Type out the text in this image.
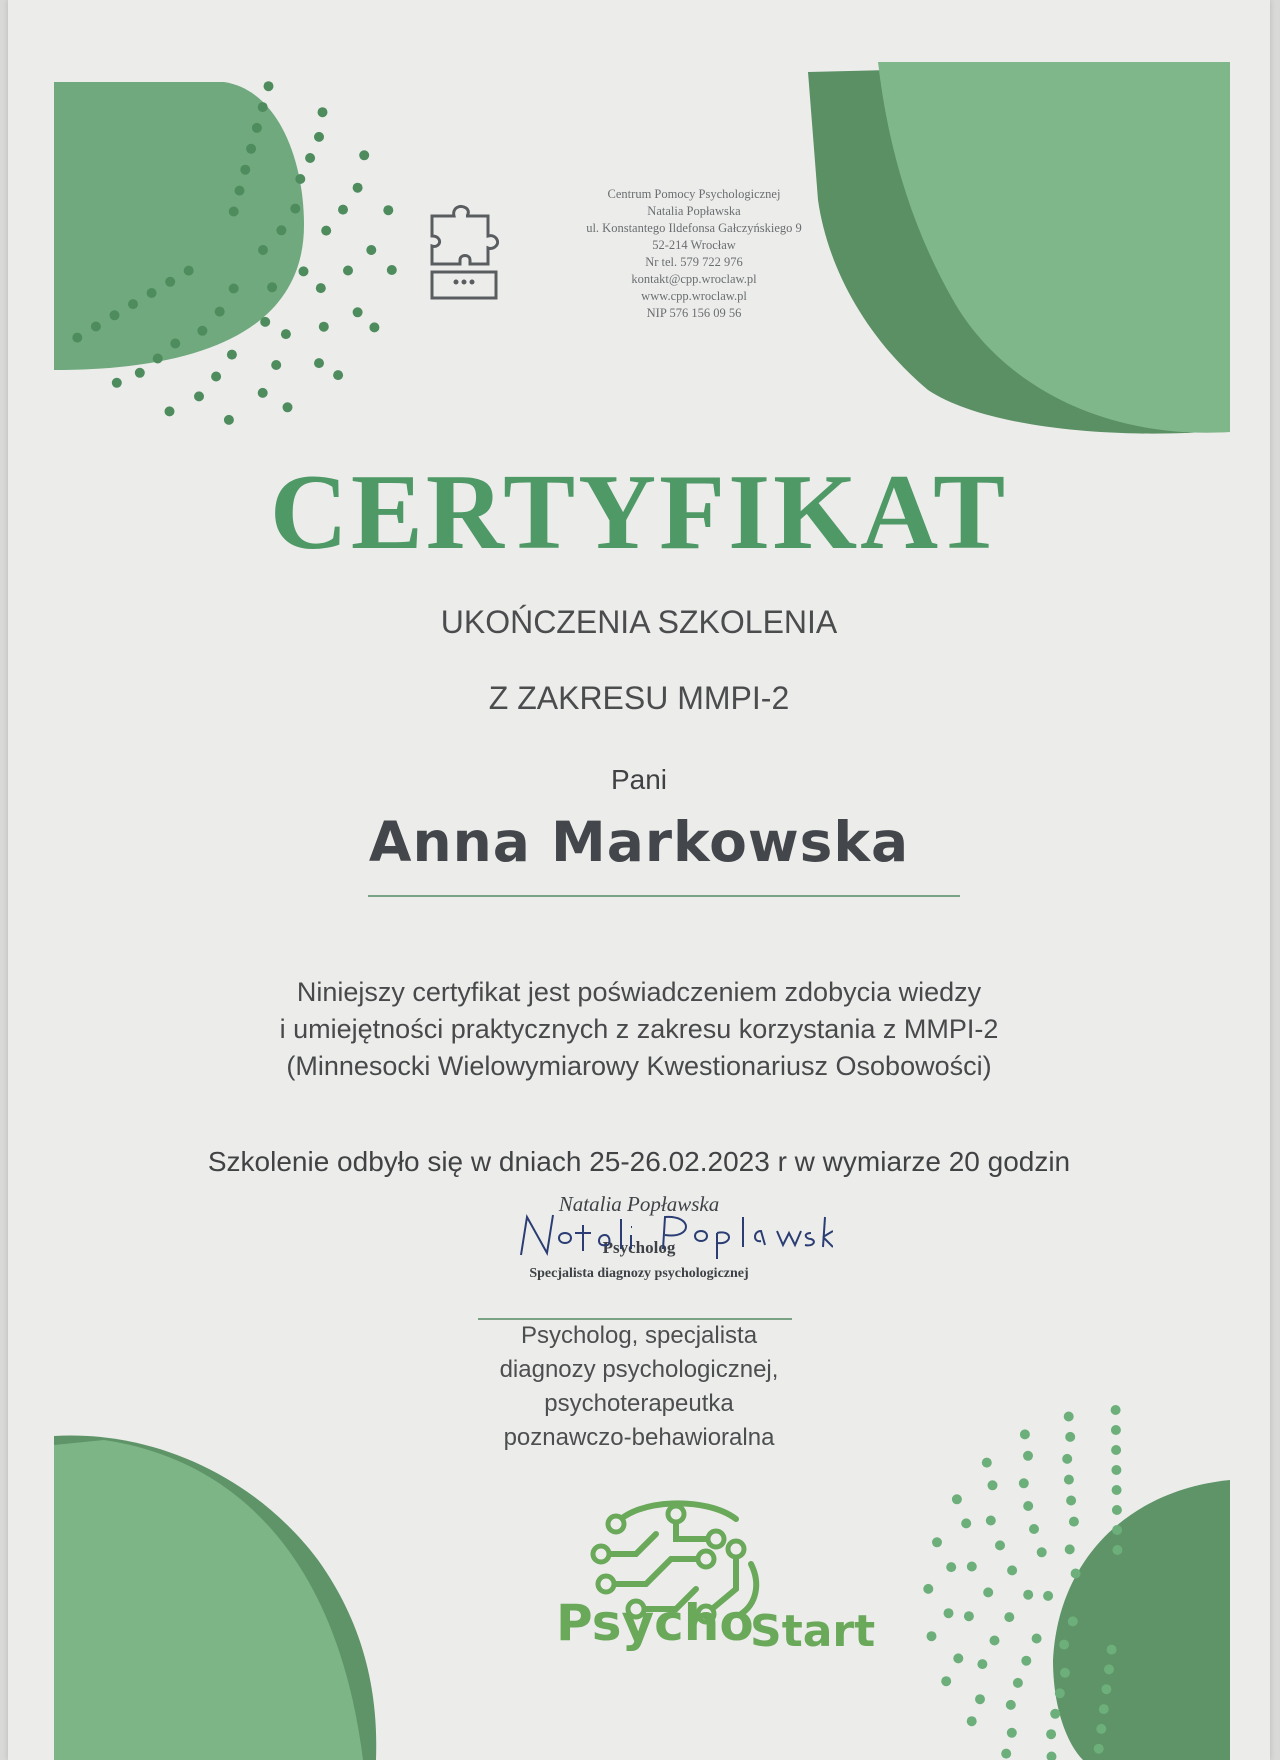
Centrum Pomocy Psychologicznej
Natalia Popławska
ul. Konstantego Ildefonsa Gałczyńskiego 9
52-214 Wrocław
Nr tel. 579 722 976
kontakt@cpp.wroclaw.pl
www.cpp.wroclaw.pl
NIP 576 156 09 56
CERTYFIKAT
UKOŃCZENIA SZKOLENIA
Z ZAKRESU MMPI-2
Pani
Anna Markowska
Niniejszy certyfikat jest poświadczeniem zdobycia wiedzy
i umiejętności praktycznych z zakresu korzystania z MMPI-2
(Minnesocki Wielowymiarowy Kwestionariusz Osobowości)
Szkolenie odbyło się w dniach 25-26.02.2023 r w wymiarze 20 godzin
Natalia Popławska
Psycholog
Specjalista diagnozy psychologicznej
Psycholog, specjalista
diagnozy psychologicznej,
psychoterapeutka
poznawczo-behawioralna
Psycho
Start
